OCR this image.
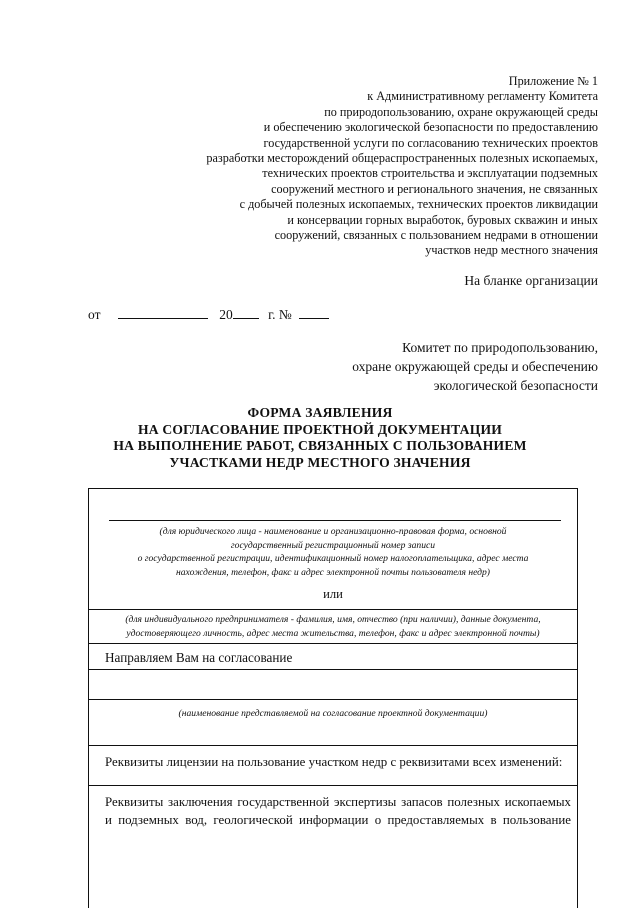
Приложение № 1
к Административному регламенту Комитета
по природопользованию, охране окружающей среды
и обеспечению экологической безопасности по предоставлению
государственной услуги по согласованию технических проектов
разработки месторождений общераспространенных полезных ископаемых,
технических проектов строительства и эксплуатации подземных
сооружений местного и регионального значения, не связанных
с добычей полезных ископаемых, технических проектов ликвидации
и консервации горных выработок, буровых скважин и иных
сооружений, связанных с пользованием недрами в отношении
участков недр местного значения
На бланке организации
от	20	г. №
Комитет по природопользованию,
охране окружающей среды и обеспечению
экологической безопасности
ФОРМА ЗАЯВЛЕНИЯ
НА СОГЛАСОВАНИЕ ПРОЕКТНОЙ ДОКУМЕНТАЦИИ
НА ВЫПОЛНЕНИЕ РАБОТ, СВЯЗАННЫХ С ПОЛЬЗОВАНИЕМ
УЧАСТКАМИ НЕДР МЕСТНОГО ЗНАЧЕНИЯ
(для юридического лица - наименование и организационно-правовая форма, основной
государственный регистрационный номер записи
о государственной регистрации, идентификационный номер налогоплательщика, адрес места
нахождения, телефон, факс и адрес электронной почты пользователя недр)
или
(для индивидуального предпринимателя - фамилия, имя, отчество (при наличии), данные документа,
удостоверяющего личность, адрес места жительства, телефон, факс и адрес электронной почты)
Направляем Вам на согласование
(наименование представляемой на согласование проектной документации)
Реквизиты лицензии на пользование участком недр с реквизитами всех изменений:
Реквизиты заключения государственной экспертизы запасов полезных ископаемых
и подземных вод, геологической информации о предоставляемых в пользование
